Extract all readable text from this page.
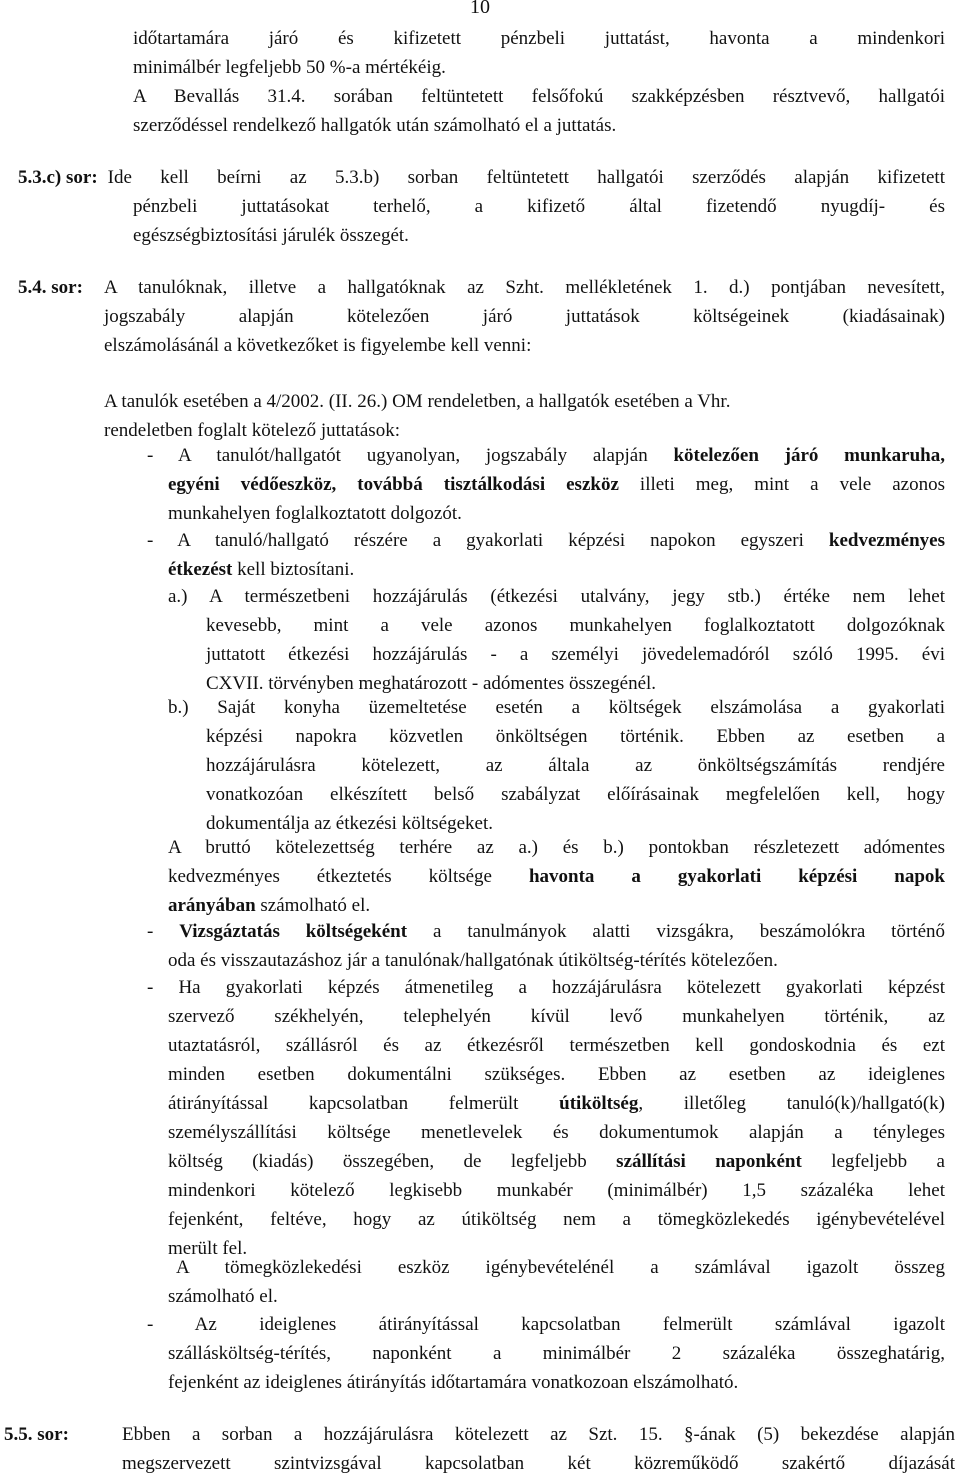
10

időtartamára járó és kifizetett pénzbeli juttatást, havonta a mindenkori

minimálbér legfeljebb 50 %-a mértékéig.

A Bevallás 31.4. sorában feltüntetett felsőfokú szakképzésben résztvevő, hallgatói

szerződéssel rendelkező hallgatók után számolható el a juttatás.

5.3.c) sor: Ide kell beírni az 5.3.b) sorban feltüntetett hallgatói szerződés alapján kifizetett

pénzbeli juttatásokat terhelő, a kifizető által fizetendő nyugdíj- és

egészségbiztosítási járulék összegét.

5.4. sor:	A tanulóknak, illetve a hallgatóknak az Szht. mellékletének 1. d.) pontjában nevesített,

jogszabály alapján kötelezően járó juttatások költségeinek (kiadásainak)

elszámolásánál a következőket is figyelembe kell venni:

A tanulók esetében a 4/2002. (II. 26.) OM rendeletben, a hallgatók esetében a Vhr.

rendeletben foglalt kötelező juttatások:

- A tanulót/hallgatót ugyanolyan, jogszabály alapján kötelezően járó munkaruha,

egyéni védőeszköz, továbbá tisztálkodási eszköz illeti meg, mint a vele azonos

munkahelyen foglalkoztatott dolgozót.

- A tanuló/hallgató részére a gyakorlati képzési napokon egyszeri kedvezményes

étkezést kell biztosítani.

a.) A természetbeni hozzájárulás (étkezési utalvány, jegy stb.) értéke nem lehet

kevesebb, mint a vele azonos munkahelyen foglalkoztatott dolgozóknak

juttatott étkezési hozzájárulás - a személyi jövedelemadóról szóló 1995. évi

CXVII. törvényben meghatározott - adómentes összegénél.

b.) Saját konyha üzemeltetése esetén a költségek elszámolása a gyakorlati

képzési napokra közvetlen önköltségen történik. Ebben az esetben a

hozzájárulásra kötelezett, az általa az önköltségszámítás rendjére

vonatkozóan elkészített belső szabályzat előírásainak megfelelően kell, hogy

dokumentálja az étkezési költségeket.

A bruttó kötelezettség terhére az a.) és b.) pontokban részletezett adómentes

kedvezményes étkeztetés költsége havonta a gyakorlati képzési napok

arányában számolható el.

- Vizsgáztatás költségeként a tanulmányok alatti vizsgákra, beszámolókra történő

oda és visszautazáshoz jár a tanulónak/hallgatónak útiköltség-térítés kötelezően.

- Ha gyakorlati képzés átmenetileg a hozzájárulásra kötelezett gyakorlati képzést

szervező székhelyén, telephelyén kívül levő munkahelyen történik, az

utaztatásról, szállásról és az étkezésről természetben kell gondoskodnia és ezt

minden esetben dokumentálni szükséges. Ebben az esetben az ideiglenes

átirányítással kapcsolatban felmerült útiköltség, illetőleg tanuló(k)/hallgató(k)

személyszállítási költsége menetlevelek és dokumentumok alapján a tényleges

költség (kiadás) összegében, de legfeljebb szállítási naponként legfeljebb a

mindenkori kötelező legkisebb munkabér (minimálbér) 1,5 százaléka lehet

fejenként, feltéve, hogy az útiköltség nem a tömegközlekedés igénybevételével

merült fel.

A tömegközlekedési eszköz igénybevételénél a számlával igazolt összeg

számolható el.

- Az ideiglenes átirányítással kapcsolatban felmerült számlával igazolt

szállásköltség-térítés, naponként a minimálbér 2 százaléka összeghatárig,

fejenként az ideiglenes átirányítás időtartamára vonatkozoan elszámolható.

5.5. sor:	Ebben a sorban a hozzájárulásra kötelezett az Szt. 15. §-ának (5) bekezdése alapján

megszervezett szintvizsgával kapcsolatban két közreműködő szakértő díjazását
